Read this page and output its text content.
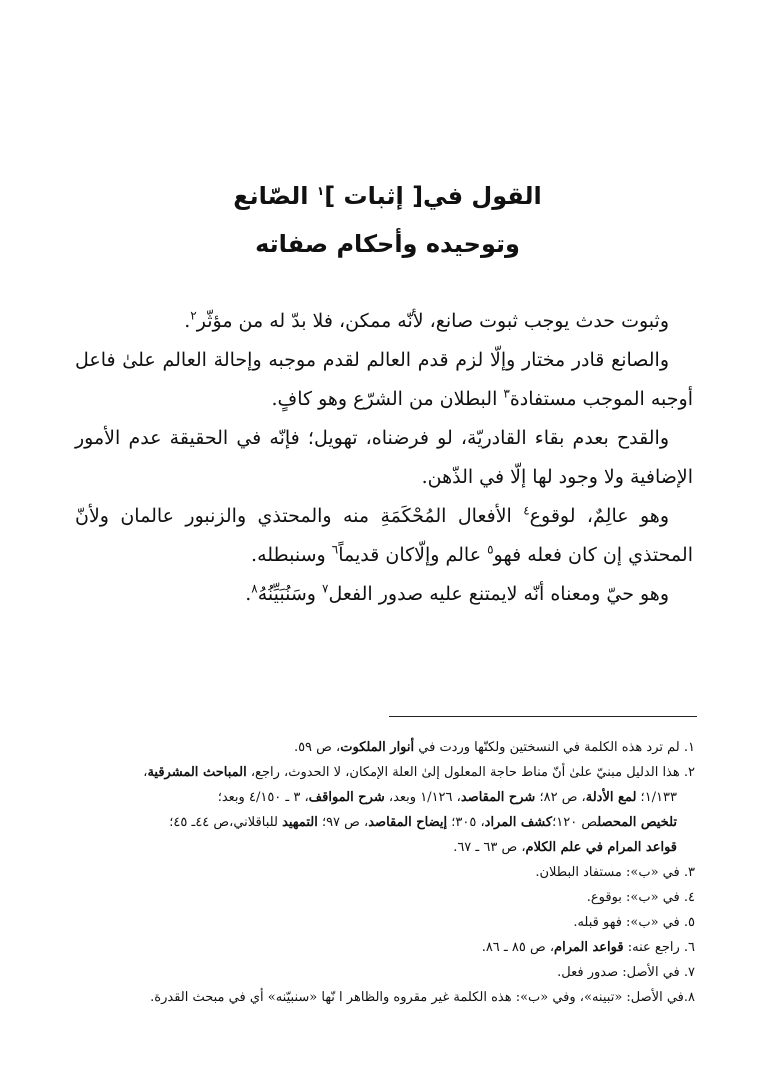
القول في[ إثبات ]$^١$ الصّانع

وتوحيده وأحكام صفاته

وثبوت حدث يوجب ثبوت صانع، لأنّه ممكن، فلا بدّ له من مؤثّر$^٢$.

والصانع قادر مختار وإلّا لزم قدم العالم لقدم موجبه وإحالة العالم علىٰ فاعل أوجبه الموجب مستفادة$^٣$ البطلان من الشرّع وهو كافٍ.

والقدح بعدم بقاء القادريّة، لو فرضناه، تهويل؛ فإنّه في الحقيقة عدم الأمور الإضافية ولا وجود لها إلّا في الذّهن.

وهو عالِمٌ، لوقوع$^٤$ الأفعال المُحْكَمَةِ منه والمحتذي والزنبور عالمان ولأنّ المحتذي إن كان فعله فهو$^٥$ عالم وإلّاكان قديماً$^٦$ وسنبطله.

وهو حيّ ومعناه أنّه لايمتنع عليه صدور الفعل$^٧$ وسَنُبَيِّنُهُ$^٨$.

١. لم ترد هذه الكلمة في النسختين ولكنّها وردت في أنوار الملكوت، ص ٥٩.

٢. هذا الدليل مبنيّ علىٰ أنّ مناط حاجة المعلول إلىٰ العلة الإمكان، لا الحدوث، راجع، المباحث المشرقية،

١/١٣٣؛ لمع الأدلة، ص ٨٢؛ شرح المقاصد، ١/١٢٦ وبعد، شرح المواقف، ٣ ـ ٤/١٥٠ وبعد؛

تلخيص المحصلص ١٢٠؛كشف المراد، ٣٠٥؛ إيضاح المقاصد، ص ٩٧؛ التمهيد للباقلاني،ص ٤٤ـ ٤٥؛

قواعد المرام في علم الكلام، ص ٦٣ ـ ٦٧.

٣. في «ب»: مستفاد البطلان.

٤. في «ب»: بوقوع.

٥. في «ب»: فهو قبله.

٦. راجع عنه: قواعد المرام، ص ٨٥ ـ ٨٦.

٧. في الأصل: صدور فعل.

٨.في الأصل: «تبينه»، وفي «ب»: هذه الكلمة غير مقروه والظاهر ا نّها «سنبيّنه» أي في مبحث القدرة.
